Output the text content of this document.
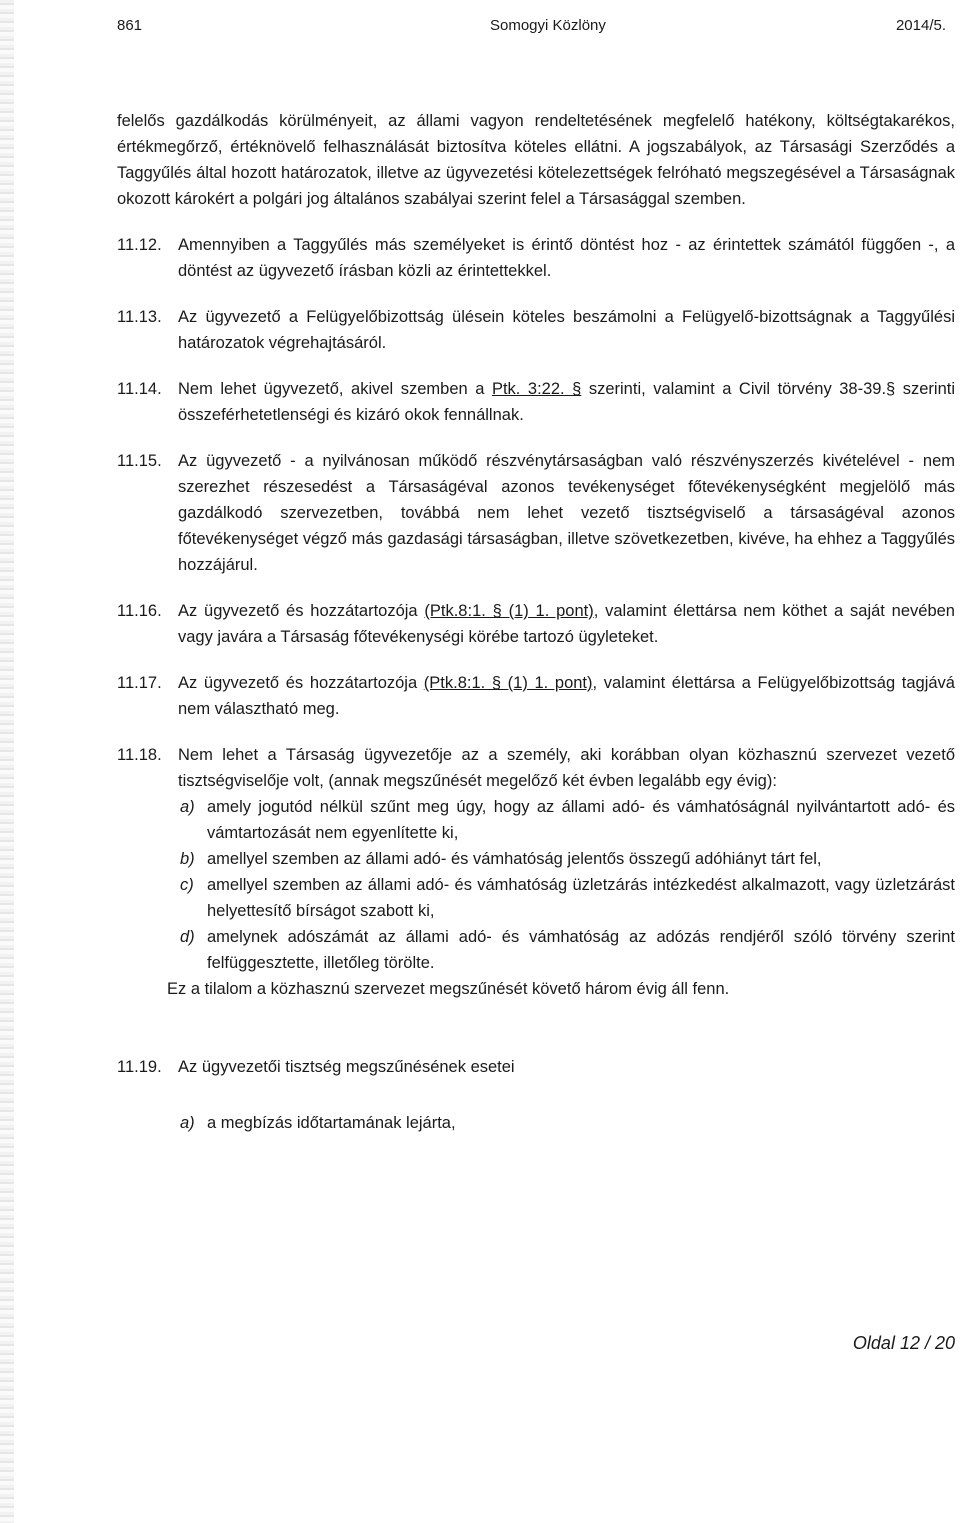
861	Somogyi Közlöny	2014/5.

felelős gazdálkodás körülményeit, az állami vagyon rendeltetésének megfelelő hatékony, költségtakarékos, értékmegőrző, értéknövelő felhasználását biztosítva köteles ellátni. A jogszabályok, az Társasági Szerződés a Taggyűlés által hozott határozatok, illetve az ügyvezetési kötelezettségek felróható megszegésével a Társaságnak okozott károkért a polgári jog általános szabályai szerint felel a Társasággal szemben.

11.12. Amennyiben a Taggyűlés más személyeket is érintő döntést hoz - az érintettek számától függően -, a döntést az ügyvezető írásban közli az érintettekkel.
11.13. Az ügyvezető a Felügyelőbizottság ülésein köteles beszámolni a Felügyelő-bizottságnak a Taggyűlési határozatok végrehajtásáról.
11.14. Nem lehet ügyvezető, akivel szemben a Ptk. 3:22. § szerinti, valamint a Civil törvény 38-39.§ szerinti összeférhetetlenségi és kizáró okok fennállnak.
11.15. Az ügyvezető - a nyilvánosan működő részvénytársaságban való részvényszerzés kivételével - nem szerezhet részesedést a Társaságéval azonos tevékenységet főtevékenységként megjelölő más gazdálkodó szervezetben, továbbá nem lehet vezető tisztségviselő a társaságéval azonos főtevékenységet végző más gazdasági társaságban, illetve szövetkezetben, kivéve, ha ehhez a Taggyűlés hozzájárul.
11.16. Az ügyvezető és hozzátartozója (Ptk.8:1. § (1) 1. pont), valamint élettársa nem köthet a saját nevében vagy javára a Társaság főtevékenységi körébe tartozó ügyleteket.
11.17. Az ügyvezető és hozzátartozója (Ptk.8:1. § (1) 1. pont), valamint élettársa a Felügyelőbizottság tagjává nem választható meg.
11.18. Nem lehet a Társaság ügyvezetője az a személy, aki korábban olyan közhasznú szervezet vezető tisztségviselője volt, (annak megszűnését megelőző két évben legalább egy évig):
a) amely jogutód nélkül szűnt meg úgy, hogy az állami adó- és vámhatóságnál nyilvántartott adó- és vámtartozását nem egyenlítette ki,
b) amellyel szemben az állami adó- és vámhatóság jelentős összegű adóhiányt tárt fel,
c) amellyel szemben az állami adó- és vámhatóság üzletzárás intézkedést alkalmazott, vagy üzletzárást helyettesítő bírságot szabott ki,
d) amelynek adószámát az állami adó- és vámhatóság az adózás rendjéről szóló törvény szerint felfüggesztette, illetőleg törölte.

Ez a tilalom a közhasznú szervezet megszűnését követő három évig áll fenn.

11.19. Az ügyvezetői tisztség megszűnésének esetei
a) a megbízás időtartamának lejárta,
Oldal 12 / 20
